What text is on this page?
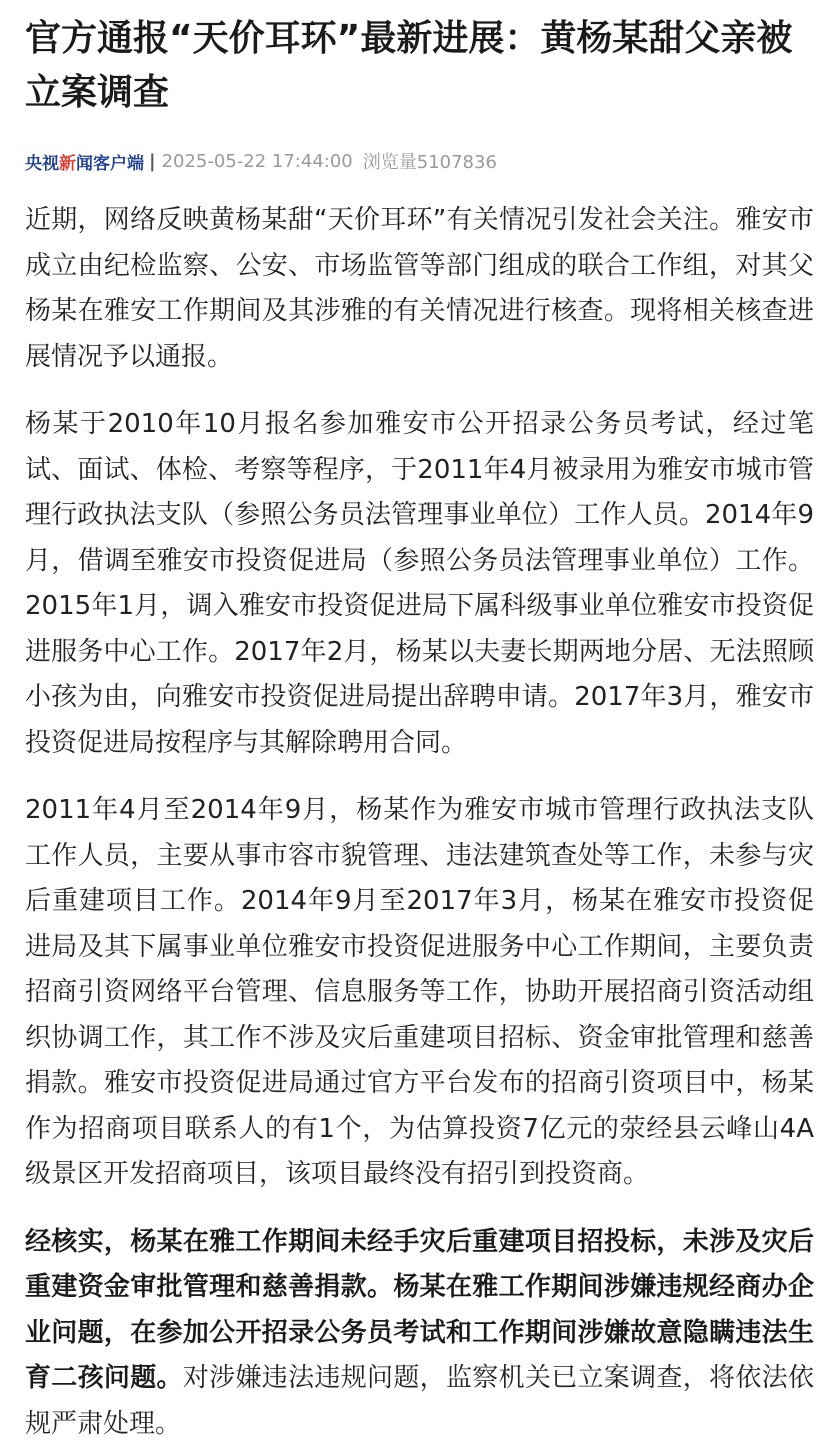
官方通报“天价耳环”最新进展：黄杨某甜父亲被立案调查
央视新闻客户端 | 2025-05-22 17:44:00 浏览量5107836

近期，网络反映黄杨某甜“天价耳环”有关情况引发社会关注。雅安市成立由纪检监察、公安、市场监管等部门组成的联合工作组，对其父杨某在雅安工作期间及其涉雅的有关情况进行核查。现将相关核查进展情况予以通报。

杨某于2010年10月报名参加雅安市公开招录公务员考试，经过笔试、面试、体检、考察等程序，于2011年4月被录用为雅安市城市管理行政执法支队（参照公务员法管理事业单位）工作人员。2014年9月，借调至雅安市投资促进局（参照公务员法管理事业单位）工作。2015年1月，调入雅安市投资促进局下属科级事业单位雅安市投资促进服务中心工作。2017年2月，杨某以夫妻长期两地分居、无法照顾小孩为由，向雅安市投资促进局提出辞聘申请。2017年3月，雅安市投资促进局按程序与其解除聘用合同。

2011年4月至2014年9月，杨某作为雅安市城市管理行政执法支队工作人员，主要从事市容市貌管理、违法建筑查处等工作，未参与灾后重建项目工作。2014年9月至2017年3月，杨某在雅安市投资促进局及其下属事业单位雅安市投资促进服务中心工作期间，主要负责招商引资网络平台管理、信息服务等工作，协助开展招商引资活动组织协调工作，其工作不涉及灾后重建项目招标、资金审批管理和慈善捐款。雅安市投资促进局通过官方平台发布的招商引资项目中，杨某作为招商项目联系人的有1个，为估算投资7亿元的荥经县云峰山4A级景区开发招商项目，该项目最终没有招引到投资商。

经核实，杨某在雅工作期间未经手灾后重建项目招投标，未涉及灾后重建资金审批管理和慈善捐款。杨某在雅工作期间涉嫌违规经商办企业问题，在参加公开招录公务员考试和工作期间涉嫌故意隐瞒违法生育二孩问题。对涉嫌违法违规问题，监察机关已立案调查，将依法依规严肃处理。
